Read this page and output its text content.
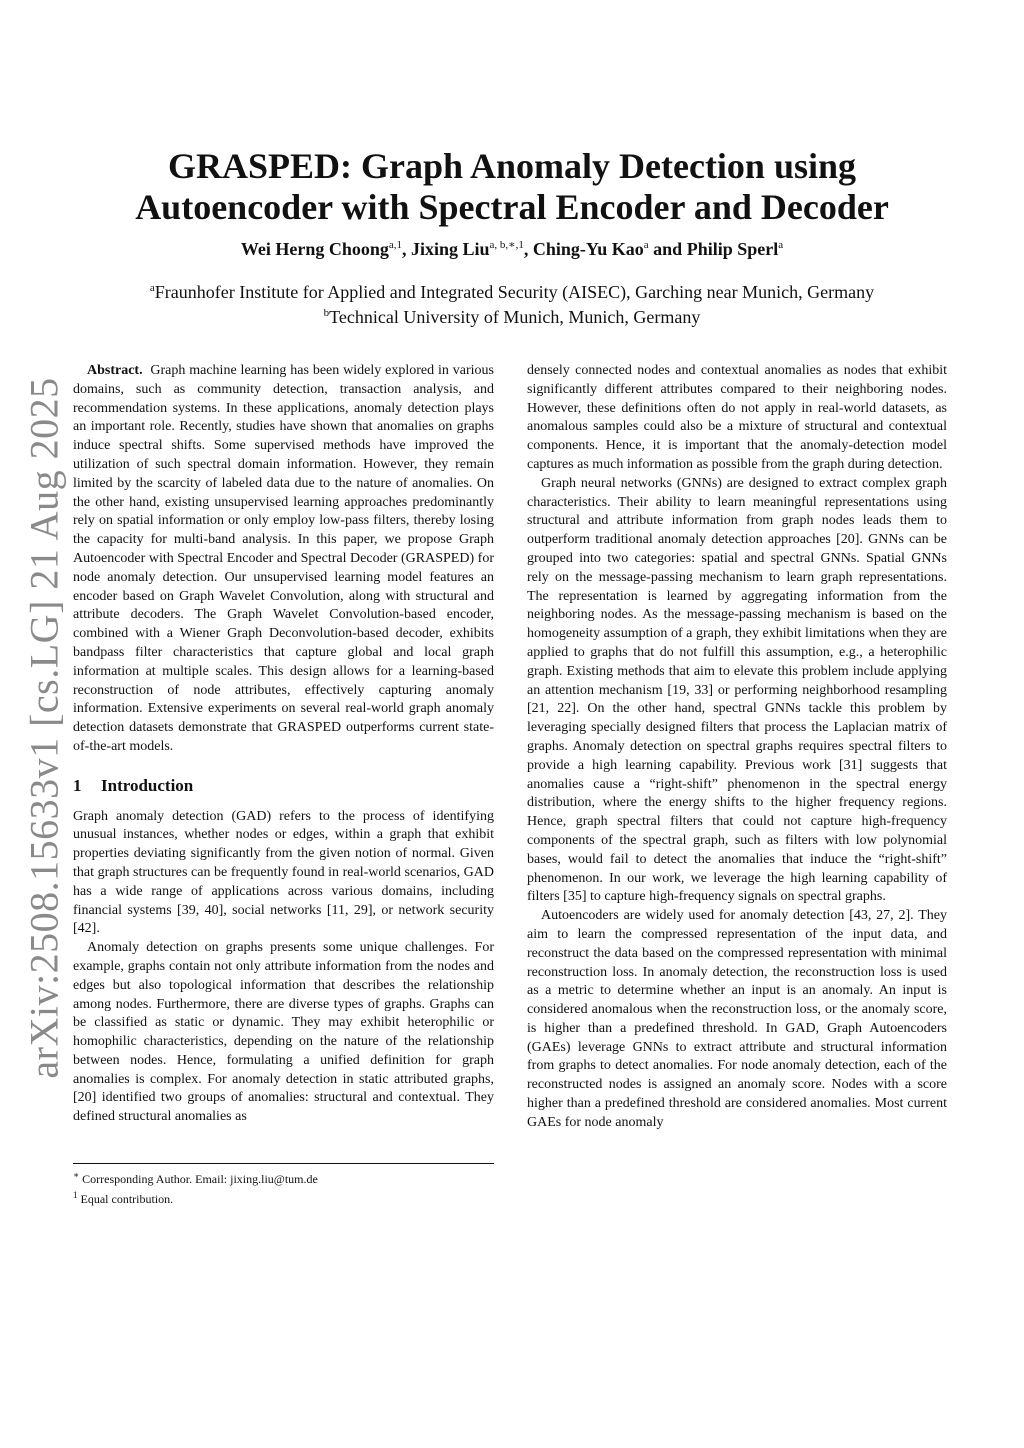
arXiv:2508.15633v1 [cs.LG] 21 Aug 2025
GRASPED: Graph Anomaly Detection using
Autoencoder with Spectral Encoder and Decoder
Wei Herng Choong$^{a,1}$, Jixing Liu$^{a, b,∗,1}$, Ching-Yu Kao$^a$ and Philip Sperl$^a$
$^a$Fraunhofer Institute for Applied and Integrated Security (AISEC), Garching near Munich, Germany
$^b$Technical University of Munich, Munich, Germany

Abstract. Graph machine learning has been widely explored in various domains, such as community detection, transaction analysis, and recommendation systems. In these applications, anomaly detection plays an important role. Recently, studies have shown that anomalies on graphs induce spectral shifts. Some supervised methods have improved the utilization of such spectral domain information. However, they remain limited by the scarcity of labeled data due to the nature of anomalies. On the other hand, existing unsupervised learning approaches predominantly rely on spatial information or only employ low-pass filters, thereby losing the capacity for multi-band analysis. In this paper, we propose Graph Autoencoder with Spectral Encoder and Spectral Decoder (GRASPED) for node anomaly detection. Our unsupervised learning model features an encoder based on Graph Wavelet Convolution, along with structural and attribute decoders. The Graph Wavelet Convolution-based encoder, combined with a Wiener Graph Deconvolution-based decoder, exhibits bandpass filter characteristics that capture global and local graph information at multiple scales. This design allows for a learning-based reconstruction of node attributes, effectively capturing anomaly information. Extensive experiments on several real-world graph anomaly detection datasets demonstrate that GRASPED outperforms current state-of-the-art models.

1 Introduction

Graph anomaly detection (GAD) refers to the process of identifying unusual instances, whether nodes or edges, within a graph that exhibit properties deviating significantly from the given notion of normal. Given that graph structures can be frequently found in real-world scenarios, GAD has a wide range of applications across various domains, including financial systems [39, 40], social networks [11, 29], or network security [42].

Anomaly detection on graphs presents some unique challenges. For example, graphs contain not only attribute information from the nodes and edges but also topological information that describes the relationship among nodes. Furthermore, there are diverse types of graphs. Graphs can be classified as static or dynamic. They may exhibit heterophilic or homophilic characteristics, depending on the nature of the relationship between nodes. Hence, formulating a unified definition for graph anomalies is complex. For anomaly detection in static attributed graphs, [20] identified two groups of anomalies: structural and contextual. They defined structural anomalies as

densely connected nodes and contextual anomalies as nodes that exhibit significantly different attributes compared to their neighboring nodes. However, these definitions often do not apply in real-world datasets, as anomalous samples could also be a mixture of structural and contextual components. Hence, it is important that the anomaly-detection model captures as much information as possible from the graph during detection.

Graph neural networks (GNNs) are designed to extract complex graph characteristics. Their ability to learn meaningful representations using structural and attribute information from graph nodes leads them to outperform traditional anomaly detection approaches [20]. GNNs can be grouped into two categories: spatial and spectral GNNs. Spatial GNNs rely on the message-passing mechanism to learn graph representations. The representation is learned by aggregating information from the neighboring nodes. As the message-passing mechanism is based on the homogeneity assumption of a graph, they exhibit limitations when they are applied to graphs that do not fulfill this assumption, e.g., a heterophilic graph. Existing methods that aim to elevate this problem include applying an attention mechanism [19, 33] or performing neighborhood resampling [21, 22]. On the other hand, spectral GNNs tackle this problem by leveraging specially designed filters that process the Laplacian matrix of graphs. Anomaly detection on spectral graphs requires spectral filters to provide a high learning capability. Previous work [31] suggests that anomalies cause a “right-shift” phenomenon in the spectral energy distribution, where the energy shifts to the higher frequency regions. Hence, graph spectral filters that could not capture high-frequency components of the spectral graph, such as filters with low polynomial bases, would fail to detect the anomalies that induce the “right-shift” phenomenon. In our work, we leverage the high learning capability of filters [35] to capture high-frequency signals on spectral graphs.

Autoencoders are widely used for anomaly detection [43, 27, 2]. They aim to learn the compressed representation of the input data, and reconstruct the data based on the compressed representation with minimal reconstruction loss. In anomaly detection, the reconstruction loss is used as a metric to determine whether an input is an anomaly. An input is considered anomalous when the reconstruction loss, or the anomaly score, is higher than a predefined threshold. In GAD, Graph Autoencoders (GAEs) leverage GNNs to extract attribute and structural information from graphs to detect anomalies. For node anomaly detection, each of the reconstructed nodes is assigned an anomaly score. Nodes with a score higher than a predefined threshold are considered anomalies. Most current GAEs for node anomaly

∗ Corresponding Author. Email: jixing.liu@tum.de
$^1$ Equal contribution.
